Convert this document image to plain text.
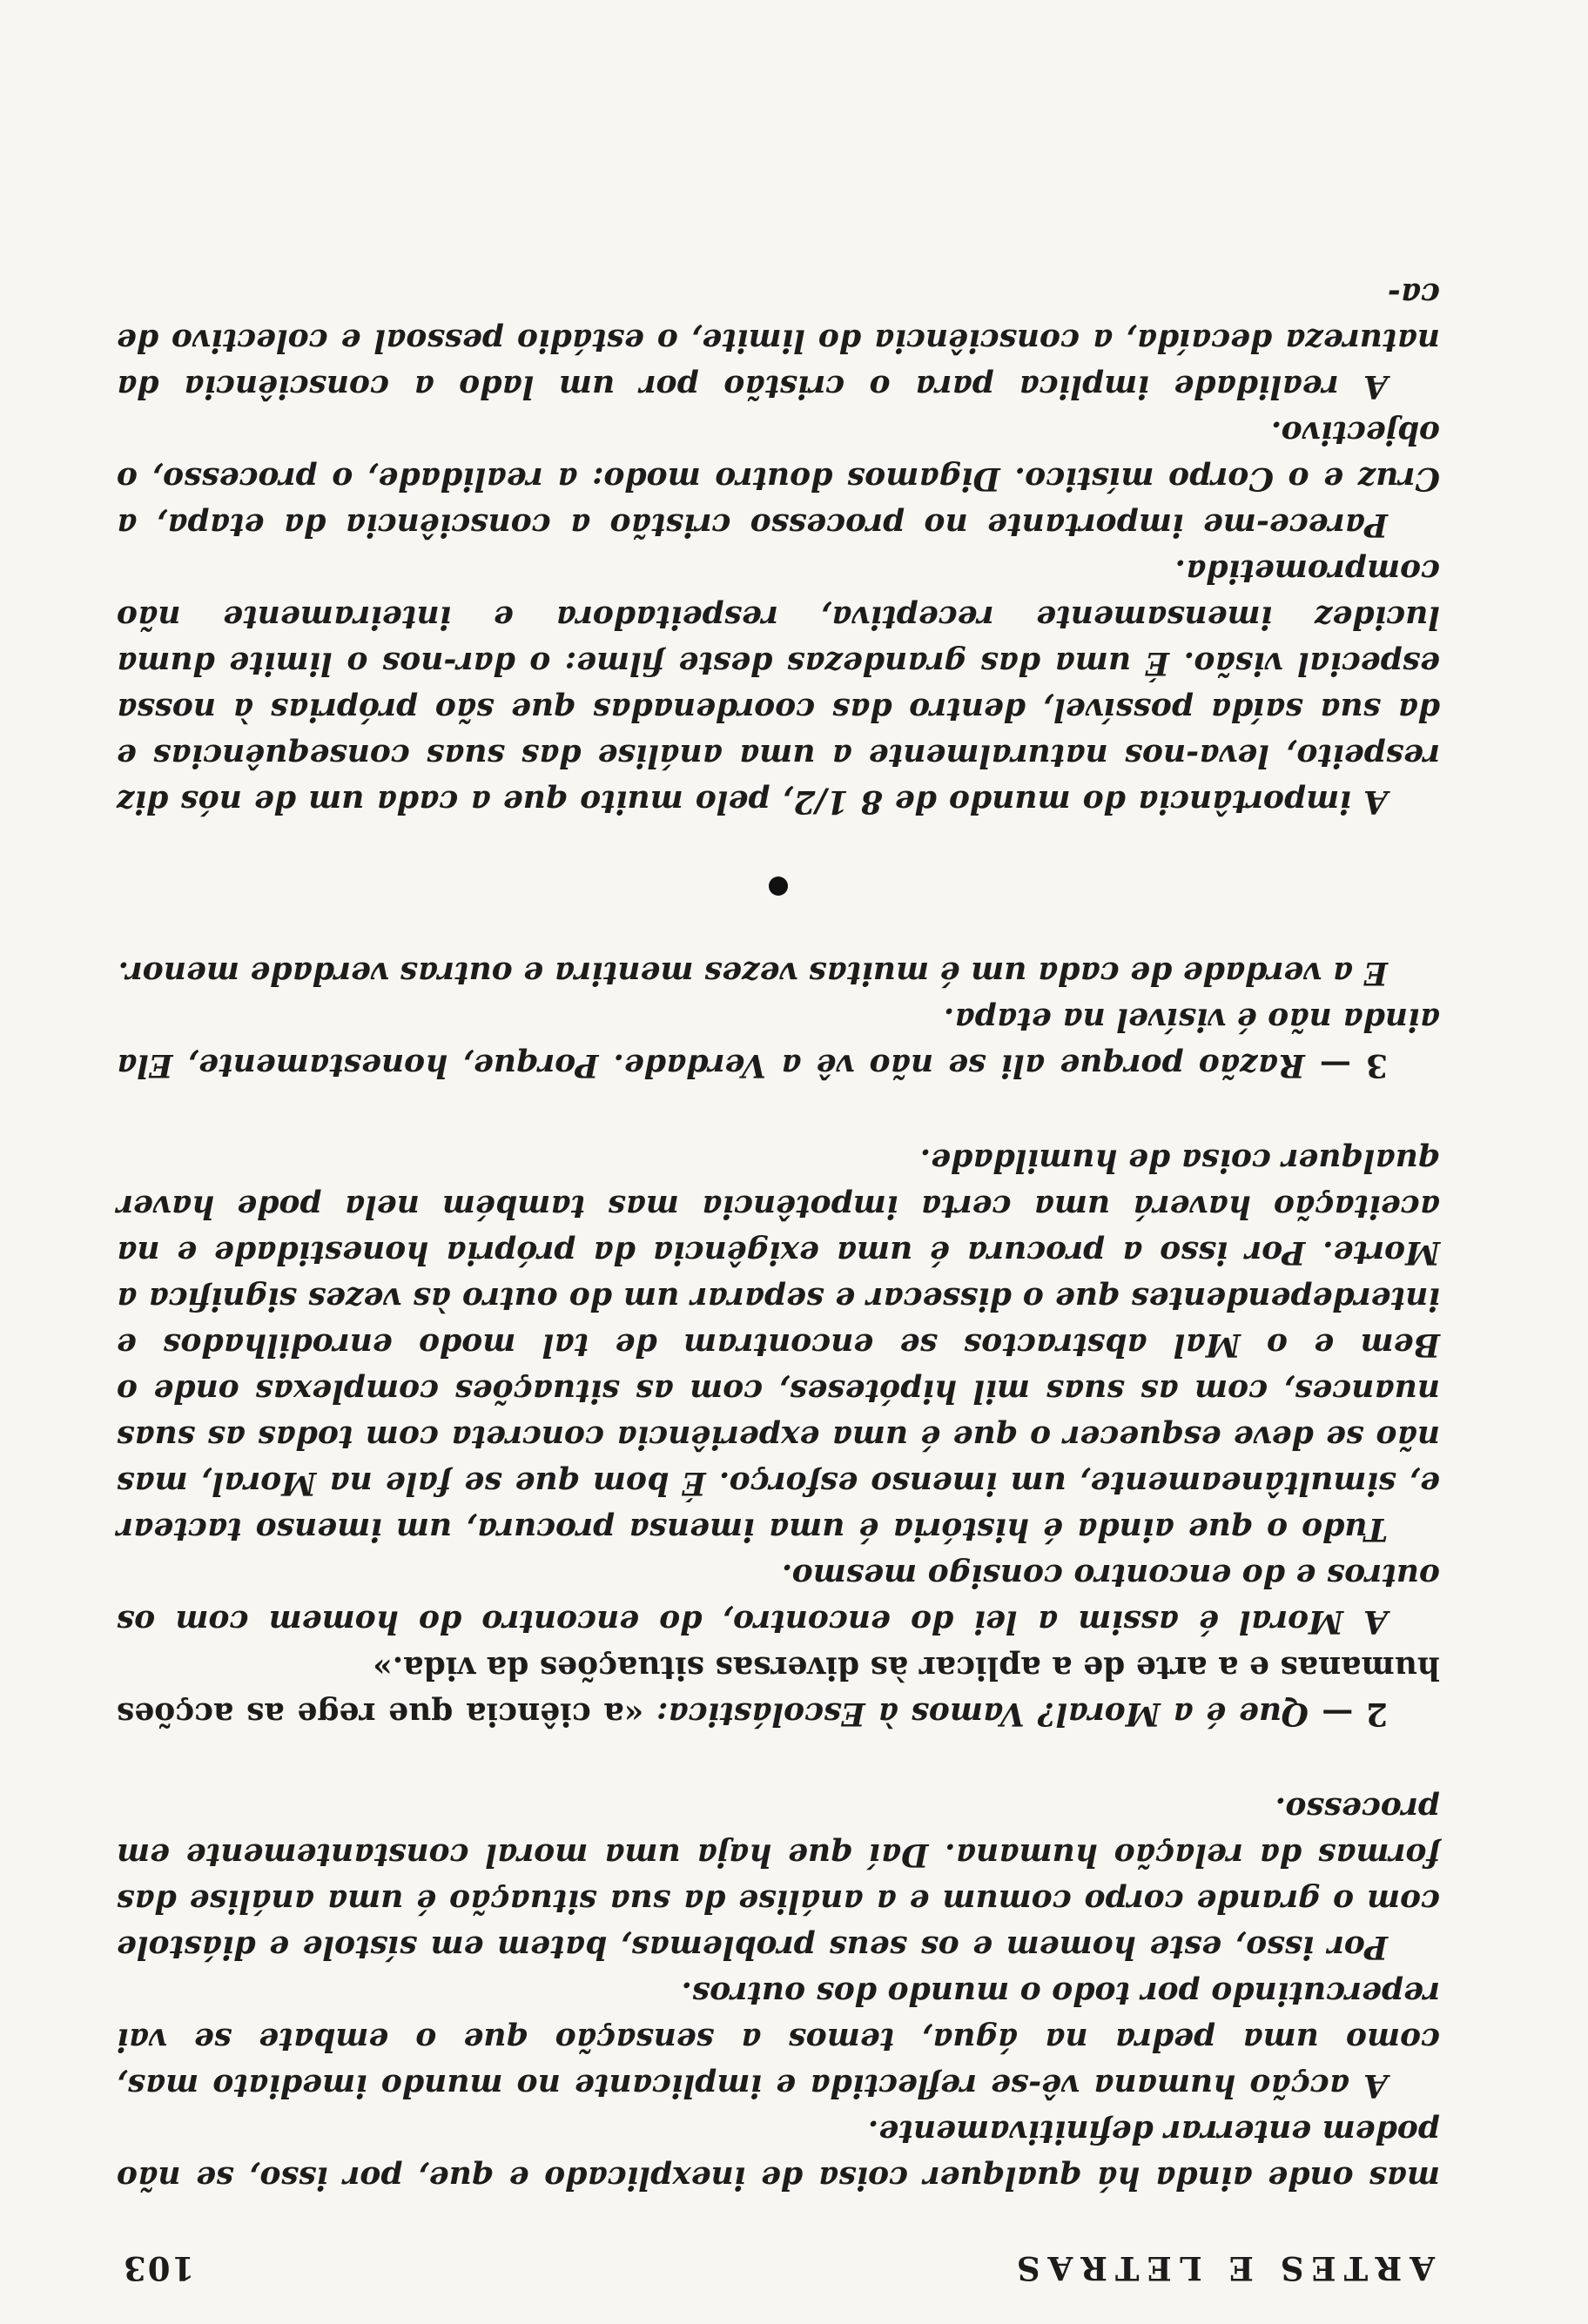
ARTES E LETRAS
103

mas onde ainda há qualquer coisa de inexplicado e que, por isso, se não podem enterrar definitivamente.

A acção humana vê-se reflectida e implicante no mundo imediato mas, como uma pedra na água, temos a sensação que o embate se vai repercutindo por todo o mundo dos outros.

Por isso, este homem e os seus problemas, batem em sístole e diástole com o grande corpo comum e a análise da sua situação é uma análise das formas da relação humana. Daí que haja uma moral constantemente em processo.

2 — Que é a Moral? Vamos à Escolástica: «a ciência que rege as acções humanas e a arte de a aplicar às diversas situações da vida.»

A Moral é assim a lei do encontro, do encontro do homem com os outros e do encontro consigo mesmo.

Tudo o que ainda é história é uma imensa procura, um imenso tactear e, simultâneamente, um imenso esforço. É bom que se fale na Moral, mas não se deve esquecer o que é uma experiência concreta com todas as suas nuances, com as suas mil hipóteses, com as situações complexas onde o Bem e o Mal abstractos se encontram de tal modo enrodilhados e interdependentes que o dissecar e separar um do outro às vezes significa a Morte. Por isso a procura é uma exigência da própria honestidade e na aceitação haverá uma certa impotência mas também nela pode haver qualquer coisa de humildade.

3 — Razão porque ali se não vê a Verdade. Porque, honestamente, Ela ainda não é visível na etapa.

E a verdade de cada um é muitas vezes mentira e outras verdade menor.

A importância do mundo de 8 1/2, pelo muito que a cada um de nós diz respeito, leva-nos naturalmente a uma análise das suas consequências e da sua saída possível, dentro das coordenadas que são próprias à nossa especial visão. É uma das grandezas deste filme: o dar-nos o limite duma lucidez imensamente receptiva, respeitadora e inteiramente não comprometida.

Parece-me importante no processo cristão a consciência da etapa, a Cruz e o Corpo místico. Digamos doutro modo: a realidade, o processo, o objectivo.

A realidade implica para o cristão por um lado a consciência da natureza decaída, a consciência do limite, o estádio pessoal e colectivo de ca-
